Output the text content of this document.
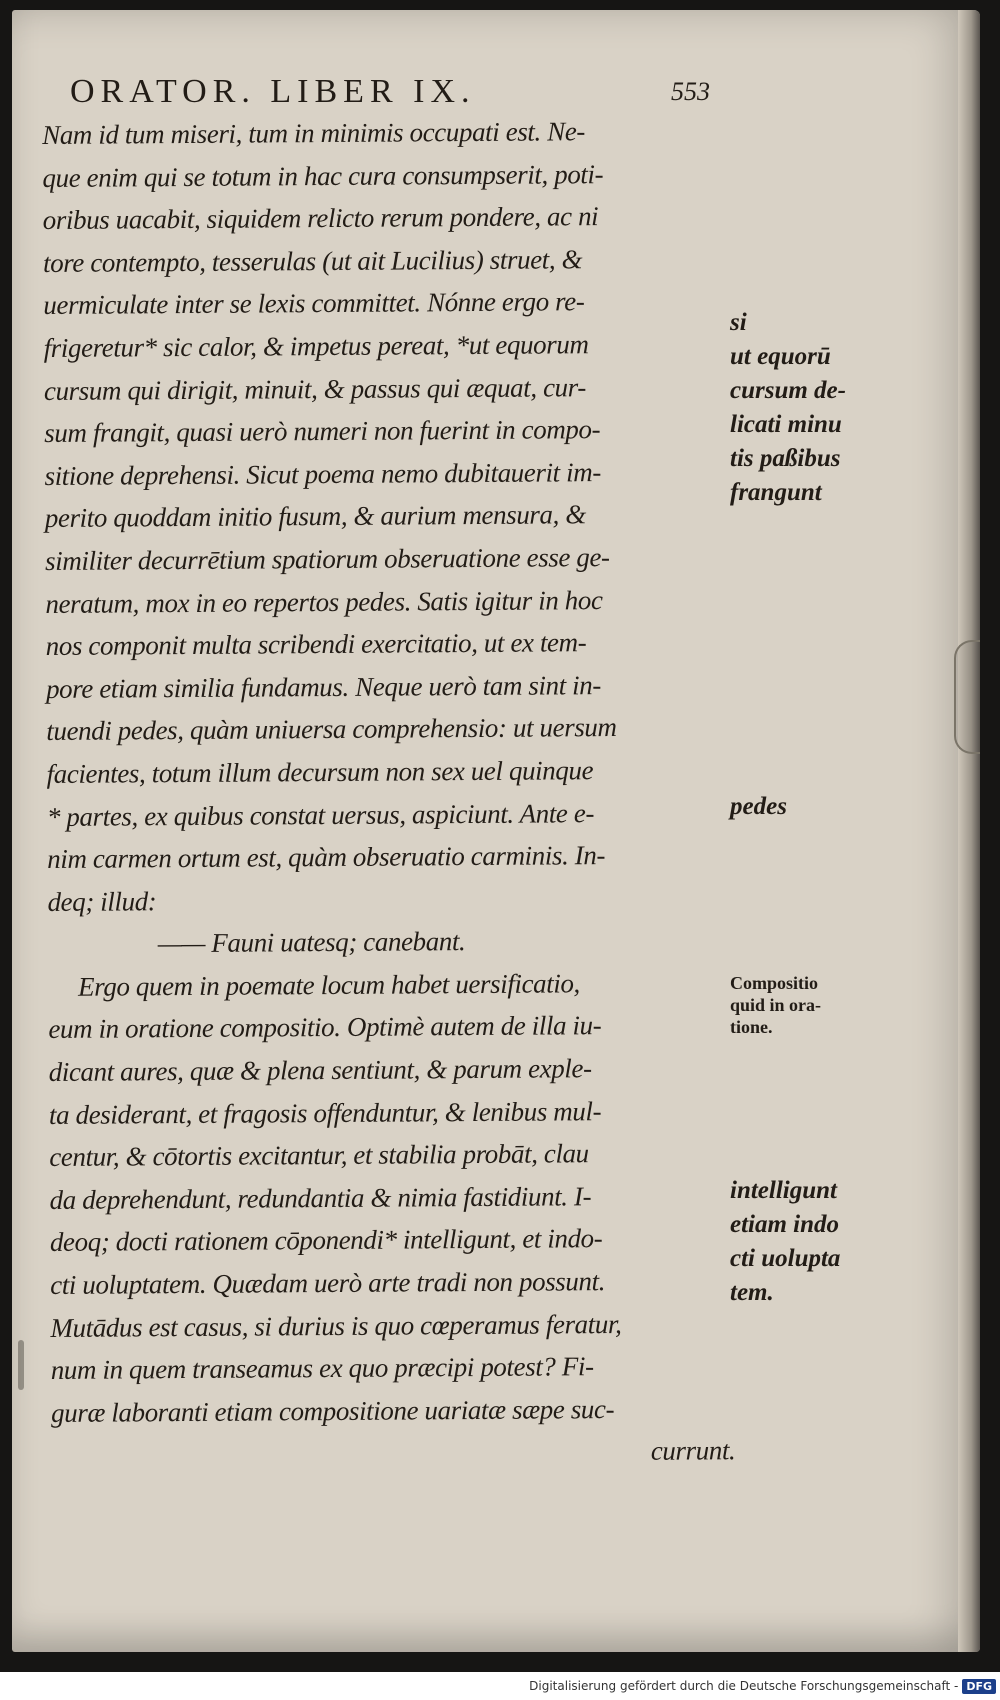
ORATOR. LIBER IX.	553
Nam id tum miseri, tum in minimis occupati est. Ne-
que enim qui se totum in hac cura consumpserit, poti-
oribus uacabit, siquidem relicto rerum pondere, ac ni
tore contempto, tesserulas (ut ait Lucilius) struet, &
uermiculate inter se lexis committet. Nónne ergo re-
frigeretur* sic calor, & impetus pereat, *ut equorum
cursum qui dirigit, minuit, & passus qui æquat, cur-
sum frangit, quasi uerò numeri non fuerint in compo-
sitione deprehensi. Sicut poema nemo dubitauerit im-
perito quoddam initio fusum, & aurium mensura, &
similiter decurrētium spatiorum obseruatione esse ge-
neratum, mox in eo repertos pedes. Satis igitur in hoc
nos componit multa scribendi exercitatio, ut ex tem-
pore etiam similia fundamus. Neque uerò tam sint in-
tuendi pedes, quàm uniuersa comprehensio: ut uersum
facientes, totum illum decursum non sex uel quinque
* partes, ex quibus constat uersus, aspiciunt. Ante e-
nim carmen ortum est, quàm obseruatio carminis. In-
deq; illud:
—— Fauni uatesq; canebant.
Ergo quem in poemate locum habet uersificatio,
eum in oratione compositio. Optimè autem de illa iu-
dicant aures, quæ & plena sentiunt, & parum exple-
ta desiderant, et fragosis offenduntur, & lenibus mul-
centur, & cōtortis excitantur, et stabilia probāt, clau
da deprehendunt, redundantia & nimia fastidiunt. I-
deoq; docti rationem cōponendi* intelligunt, et indo-
cti uoluptatem. Quædam uerò arte tradi non possunt.
Mutādus est casus, si durius is quo cœperamus feratur,
num in quem transeamus ex quo præcipi potest? Fi-
guræ laboranti etiam compositione uariatæ sæpe suc-
currunt.
si
ut equorū
cursum de-
licati minu
tis paßibus
frangunt
pedes
Compositio
quid in ora-
tione.
intelligunt
etiam indo
cti uolupta
tem.
Digitalisierung gefördert durch die Deutsche Forschungsgemeinschaft - DFG
